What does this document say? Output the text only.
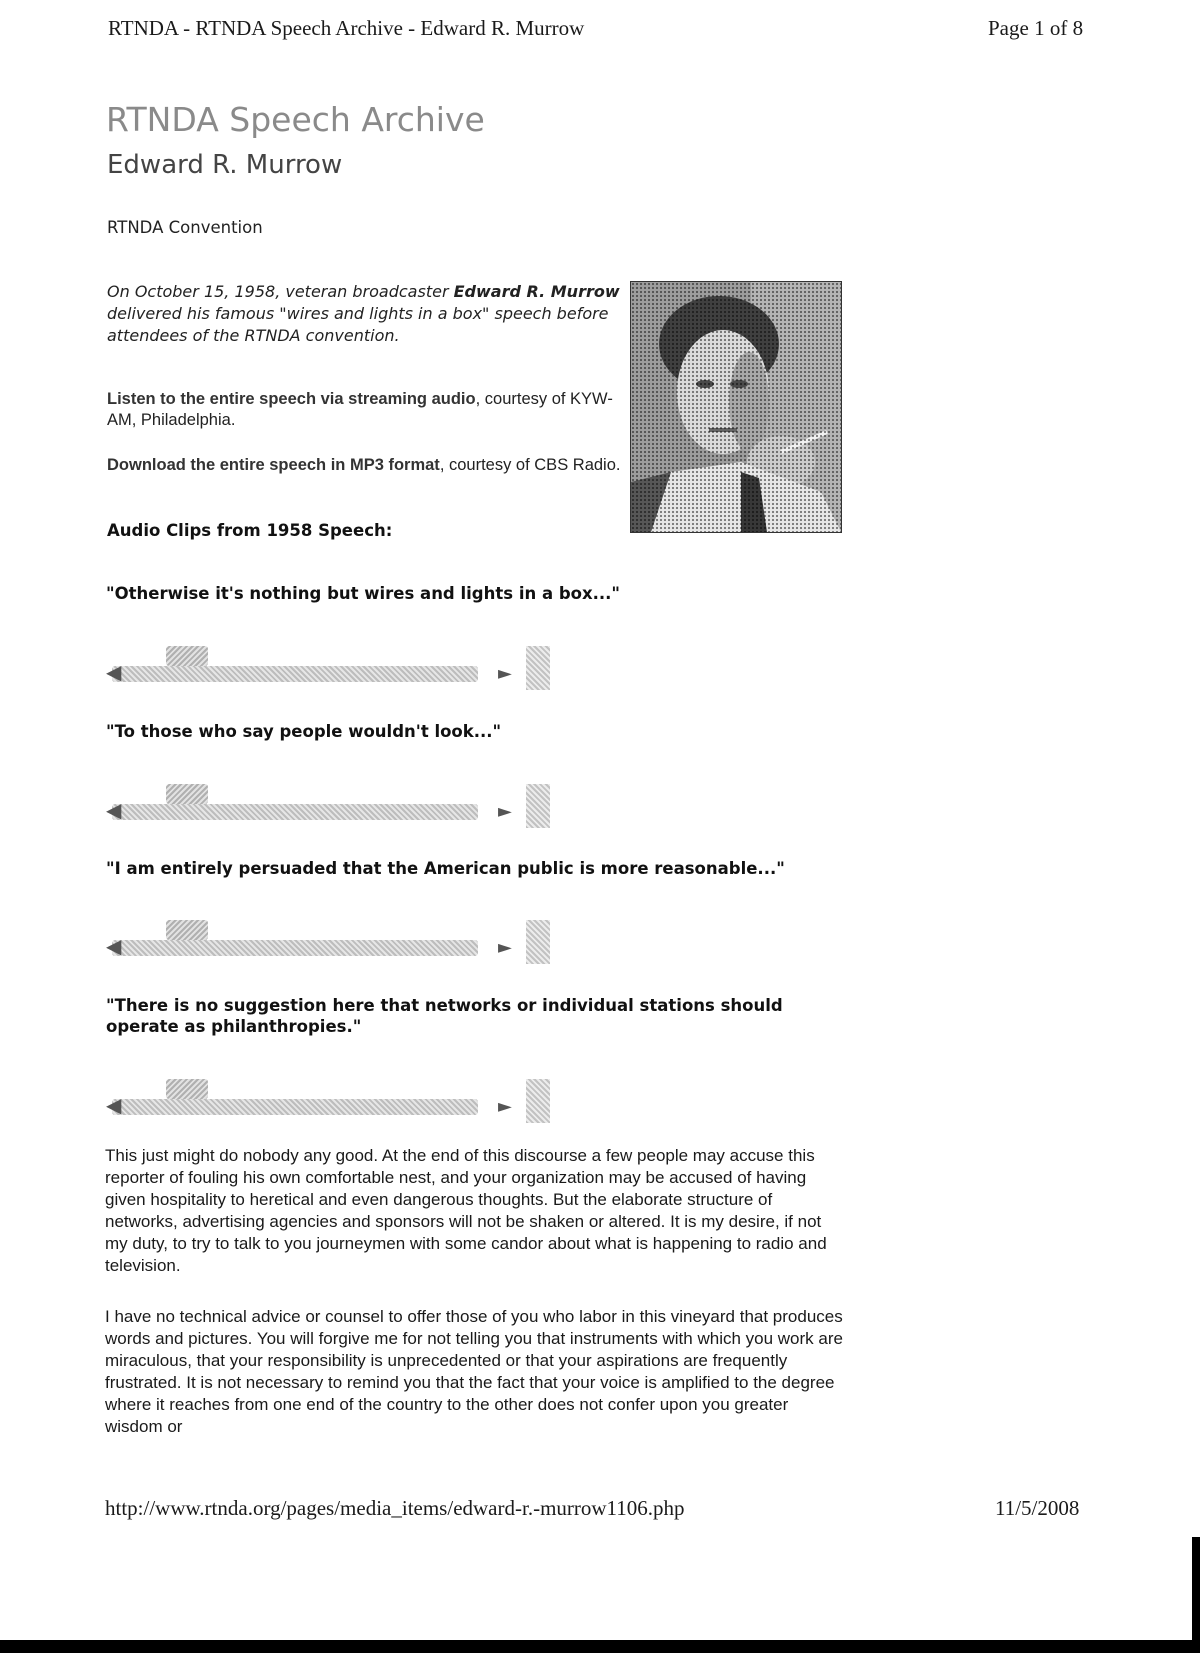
RTNDA - RTNDA Speech Archive - Edward R. Murrow	Page 1 of 8
RTNDA Speech Archive
Edward R. Murrow
RTNDA Convention
On October 15, 1958, veteran broadcaster Edward R. Murrow delivered his famous "wires and lights in a box" speech before attendees of the RTNDA convention.
Listen to the entire speech via streaming audio, courtesy of KYW-AM, Philadelphia.
Download the entire speech in MP3 format, courtesy of CBS Radio.
Audio Clips from 1958 Speech:
"Otherwise it's nothing but wires and lights in a box..."
◀	►
"To those who say people wouldn't look..."
◀	►
"I am entirely persuaded that the American public is more reasonable..."
◀	►
"There is no suggestion here that networks or individual stations should operate as philanthropies."
◀	►

This just might do nobody any good. At the end of this discourse a few people may accuse this reporter of fouling his own comfortable nest, and your organization may be accused of having given hospitality to heretical and even dangerous thoughts. But the elaborate structure of networks, advertising agencies and sponsors will not be shaken or altered. It is my desire, if not my duty, to try to talk to you journeymen with some candor about what is happening to radio and television.

I have no technical advice or counsel to offer those of you who labor in this vineyard that produces words and pictures. You will forgive me for not telling you that instruments with which you work are miraculous, that your responsibility is unprecedented or that your aspirations are frequently frustrated. It is not necessary to remind you that the fact that your voice is amplified to the degree where it reaches from one end of the country to the other does not confer upon you greater wisdom or

http://www.rtnda.org/pages/media_items/edward-r.-murrow1106.php	11/5/2008
